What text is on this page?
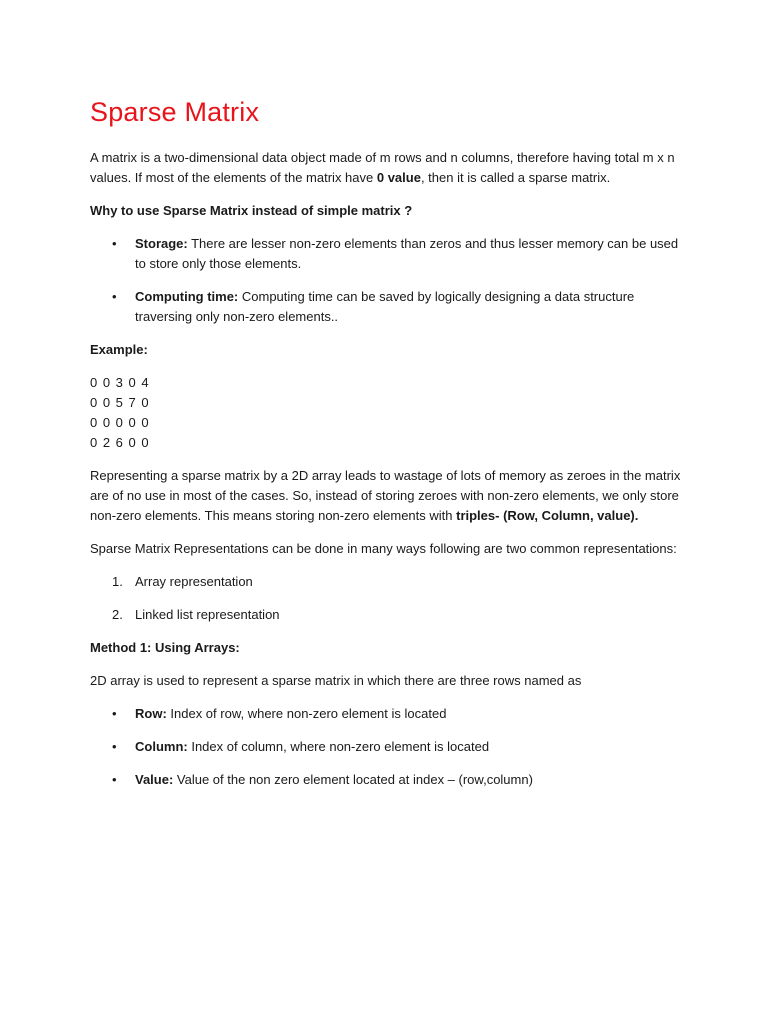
Sparse Matrix

A matrix is a two-dimensional data object made of m rows and n columns, therefore having total m x n values. If most of the elements of the matrix have 0 value, then it is called a sparse matrix.

Why to use Sparse Matrix instead of simple matrix ?

• Storage: There are lesser non-zero elements than zeros and thus lesser memory can be used to store only those elements.
• Computing time: Computing time can be saved by logically designing a data structure traversing only non-zero elements..

Example:

0 0 3 0 4
0 0 5 7 0
0 0 0 0 0
0 2 6 0 0

Representing a sparse matrix by a 2D array leads to wastage of lots of memory as zeroes in the matrix are of no use in most of the cases. So, instead of storing zeroes with non-zero elements, we only store non-zero elements. This means storing non-zero elements with triples- (Row, Column, value).

Sparse Matrix Representations can be done in many ways following are two common representations:

1. Array representation
2. Linked list representation

Method 1: Using Arrays:

2D array is used to represent a sparse matrix in which there are three rows named as

• Row: Index of row, where non-zero element is located
• Column: Index of column, where non-zero element is located
• Value: Value of the non zero element located at index – (row,column)
